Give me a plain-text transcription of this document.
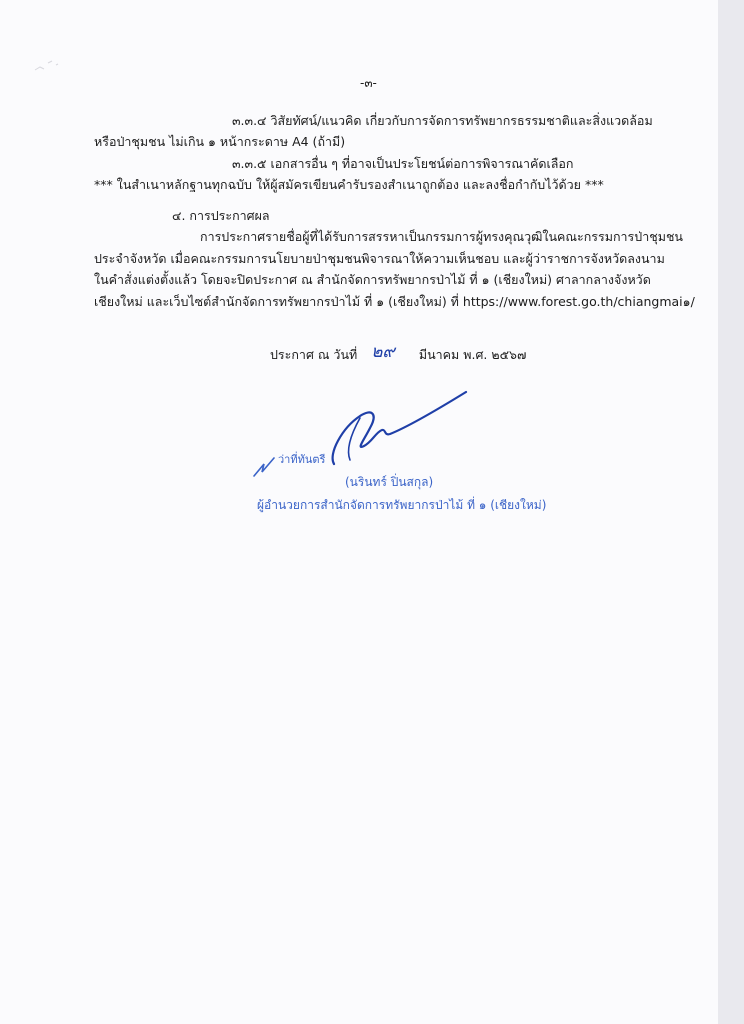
-๓-
๓.๓.๔ วิสัยทัศน์/แนวคิด เกี่ยวกับการจัดการทรัพยากรธรรมชาติและสิ่งแวดล้อม
หรือป่าชุมชน ไม่เกิน ๑ หน้ากระดาษ A4 (ถ้ามี)
๓.๓.๕ เอกสารอื่น ๆ ที่อาจเป็นประโยชน์ต่อการพิจารณาคัดเลือก
*** ในสำเนาหลักฐานทุกฉบับ ให้ผู้สมัครเขียนคำรับรองสำเนาถูกต้อง และลงชื่อกำกับไว้ด้วย ***
๔. การประกาศผล
การประกาศรายชื่อผู้ที่ได้รับการสรรหาเป็นกรรมการผู้ทรงคุณวุฒิในคณะกรรมการป่าชุมชน
ประจำจังหวัด เมื่อคณะกรรมการนโยบายป่าชุมชนพิจารณาให้ความเห็นชอบ และผู้ว่าราชการจังหวัดลงนาม
ในคำสั่งแต่งตั้งแล้ว โดยจะปิดประกาศ ณ สำนักจัดการทรัพยากรป่าไม้ ที่ ๑ (เชียงใหม่) ศาลากลางจังหวัด
เชียงใหม่ และเว็บไซต์สำนักจัดการทรัพยากรป่าไม้ ที่ ๑ (เชียงใหม่) ที่ https://www.forest.go.th/chiangmai๑/
ประกาศ ณ วันที่ ๒๙ มีนาคม พ.ศ. ๒๕๖๗
ว่าที่ทันตรี
(นรินทร์ ปิ่นสกุล)
ผู้อำนวยการสำนักจัดการทรัพยากรป่าไม้ ที่ ๑ (เชียงใหม่)
